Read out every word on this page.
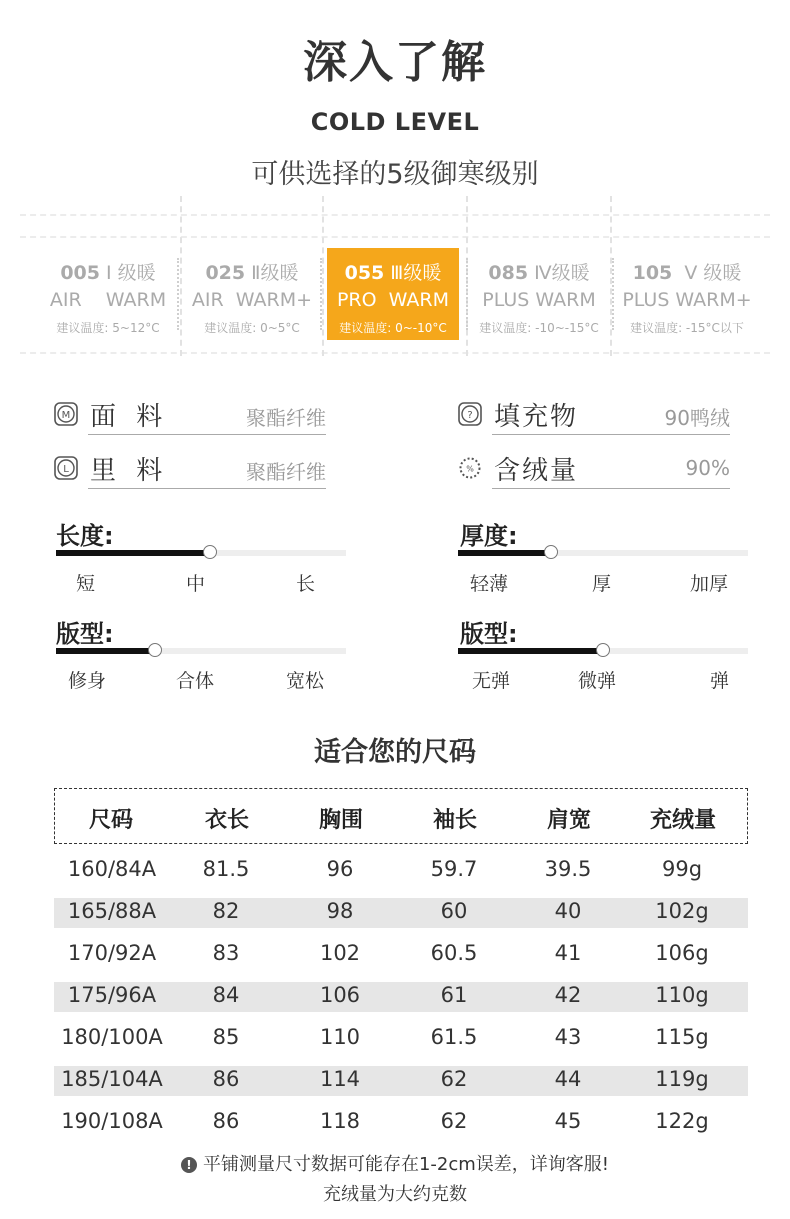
深入了解
COLD LEVEL
可供选择的5级御寒级别
005 Ⅰ 级暖
AIR    WARM
建议温度: 5~12°C
025 Ⅱ级暖
AIR  WARM+
建议温度: 0~5°C
055 Ⅲ级暖
PRO  WARM
建议温度: 0~-10°C
085 Ⅳ级暖
PLUS WARM
建议温度: -10~-15°C
105  Ⅴ 级暖
PLUS WARM+
建议温度: -15°C以下
M 面 料	聚酯纤维
L 里 料	聚酯纤维
? 填充物	90鸭绒
% 含绒量	90%
长度:
短	中	长
厚度:
轻薄	厚	加厚
版型:
修身	合体	宽松
版型:
无弹	微弹	弹
适合您的尺码
尺码	衣长	胸围	袖长	肩宽	充绒量
160/84A	81.5	96	59.7	39.5	99g
165/88A	82	98	60	40	102g
170/92A	83	102	60.5	41	106g
175/96A	84	106	61	42	110g
180/100A	85	110	61.5	43	115g
185/104A	86	114	62	44	119g
190/108A	86	118	62	45	122g
! 平铺测量尺寸数据可能存在1-2cm误差，详询客服!
充绒量为大约克数
